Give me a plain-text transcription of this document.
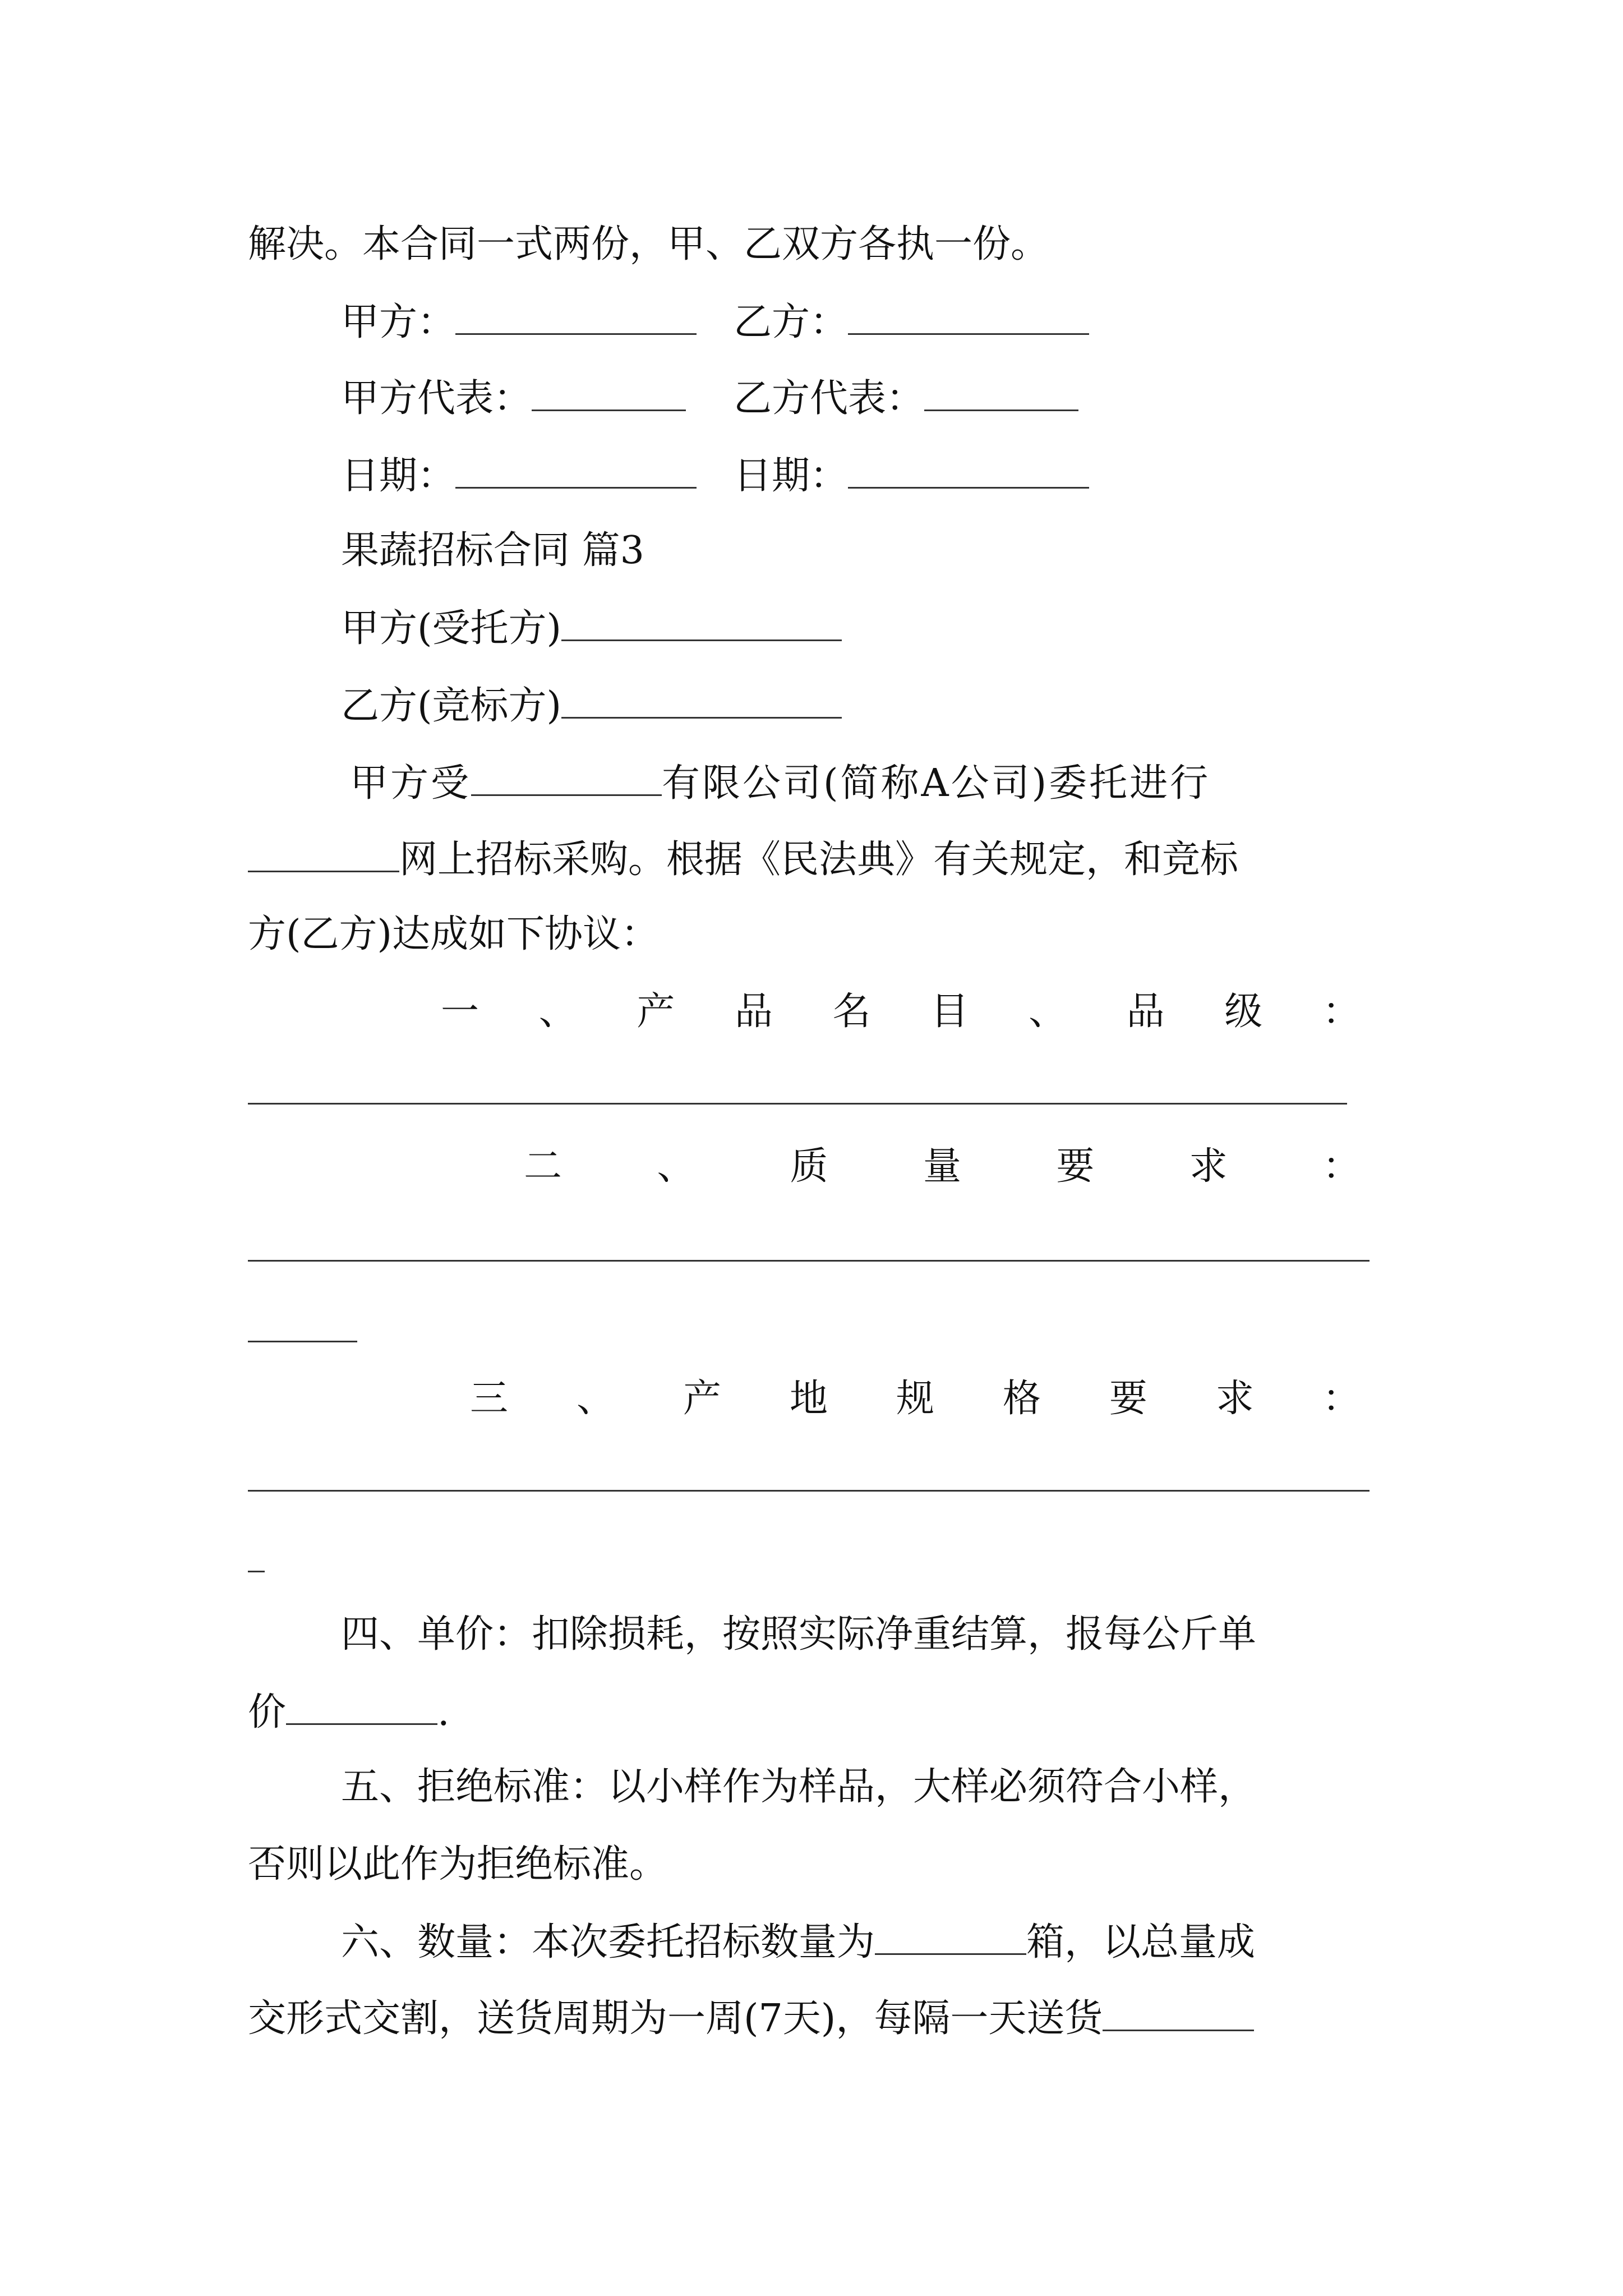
解决。本合同一式两份，甲、乙双方各执一份。
甲方：	乙方：
甲方代表：	乙方代表：
日期：	日期：
果蔬招标合同 篇3
甲方(受托方)
乙方(竞标方)
甲方受	有限公司(简称A公司)委托进行
网上招标采购。根据《民法典》有关规定，和竞标
方(乙方)达成如下协议：
一 、 产 品 名 目 、 品 级 ：
二 、 质 量 要 求 ：
三 、 产 地 规 格 要 求 ：
四、单价：扣除损耗，按照实际净重结算，报每公斤单
价	.
五、拒绝标准：以小样作为样品，大样必须符合小样，
否则以此作为拒绝标准。
六、数量：本次委托招标数量为	箱，以总量成
交形式交割，送货周期为一周(7天)，每隔一天送货
